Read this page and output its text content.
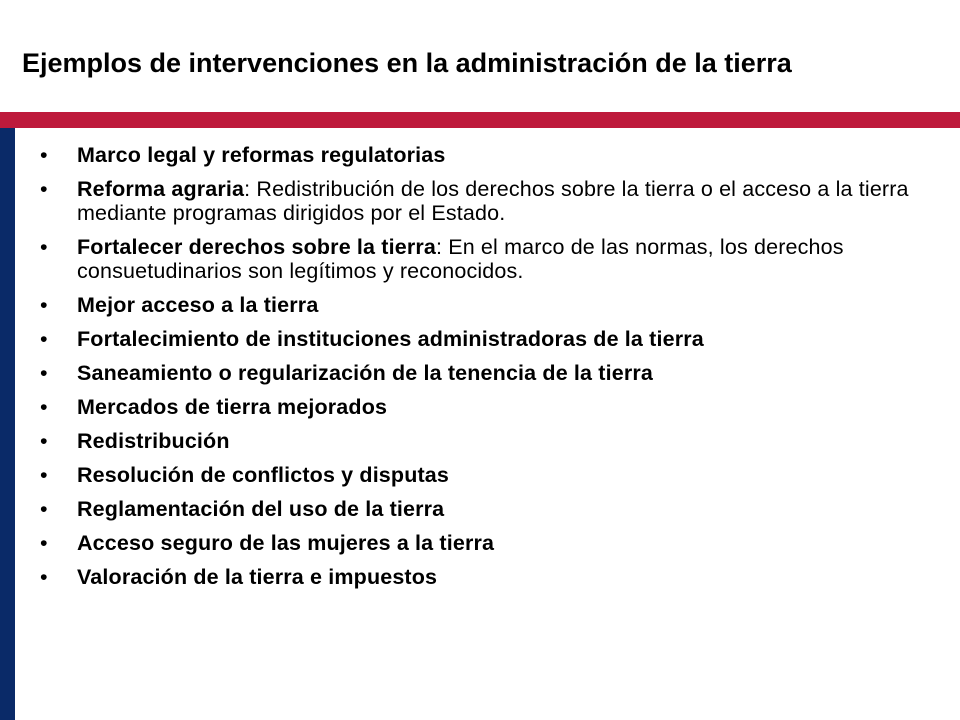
Ejemplos de intervenciones en la administración de la tierra
• Marco legal y reformas regulatorias
• Reforma agraria: Redistribución de los derechos sobre la tierra o el acceso a la tierra mediante programas dirigidos por el Estado.
• Fortalecer derechos sobre la tierra: En el marco de las normas, los derechos consuetudinarios son legítimos y reconocidos.
• Mejor acceso a la tierra
• Fortalecimiento de instituciones administradoras de la tierra
• Saneamiento o regularización de la tenencia de la tierra
• Mercados de tierra mejorados
• Redistribución
• Resolución de conflictos y disputas
• Reglamentación del uso de la tierra
• Acceso seguro de las mujeres a la tierra
• Valoración de la tierra e impuestos
